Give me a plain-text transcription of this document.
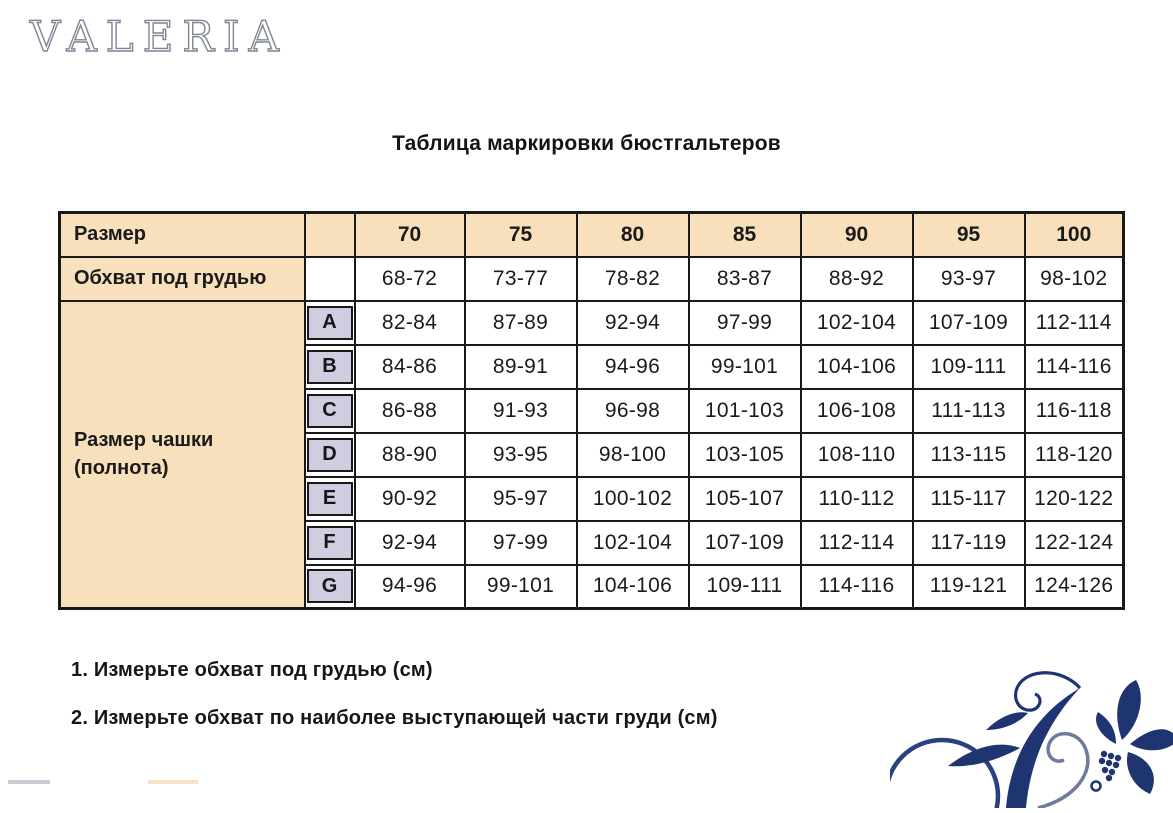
VALERIA
Таблица маркировки бюстгальтеров
Размер		70	75	80	85	90	95	100
Обхват под грудью		68-72	73-77	78-82	83-87	88-92	93-97	98-102

Размер чашки
(полнота)	A	82-84	87-89	92-94	97-99	102-104	107-109	112-114

B	84-86	89-91	94-96	99-101	104-106	109-111	114-116

C	86-88	91-93	96-98	101-103	106-108	111-113	116-118

D	88-90	93-95	98-100	103-105	108-110	113-115	118-120

E	90-92	95-97	100-102	105-107	110-112	115-117	120-122

F	92-94	97-99	102-104	107-109	112-114	117-119	122-124

G	94-96	99-101	104-106	109-111	114-116	119-121	124-126
1. Измерьте обхват под грудью (см)
2. Измерьте обхват по наиболее выступающей части груди (см)
